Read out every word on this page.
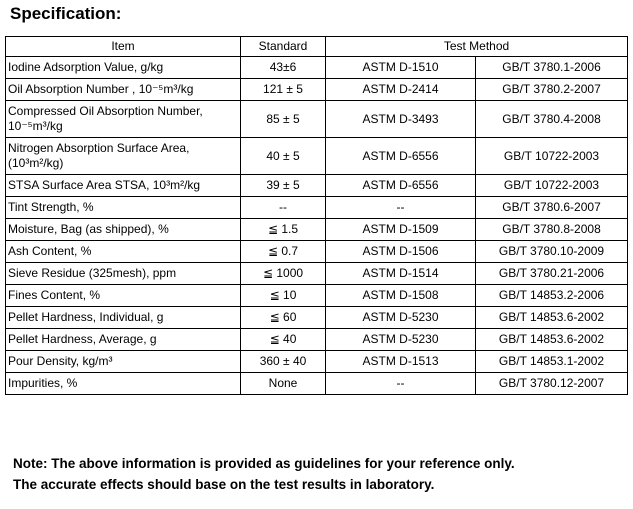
Specification:
Item	Standard	Test Method	
Iodine Adsorption Value, g/kg	43±6	ASTM D-1510	GB/T 3780.1-2006
Oil Absorption Number , 10⁻⁵m³/kg	121 ± 5	ASTM D-2414	GB/T 3780.2-2007
Compressed Oil Absorption Number, 10⁻⁵m³/kg	85 ± 5	ASTM D-3493	GB/T 3780.4-2008
Nitrogen Absorption Surface Area,(10³m²/kg)	40 ± 5	ASTM D-6556	GB/T 10722-2003
STSA Surface Area STSA, 10³m²/kg	39 ± 5	ASTM D-6556	GB/T 10722-2003
Tint Strength, %	--	--	GB/T 3780.6-2007
Moisture, Bag (as shipped), %	≦ 1.5	ASTM D-1509	GB/T 3780.8-2008
Ash Content, %	≦ 0.7	ASTM D-1506	GB/T 3780.10-2009
Sieve Residue (325mesh), ppm	≦ 1000	ASTM D-1514	GB/T 3780.21-2006
Fines Content, %	≦ 10	ASTM D-1508	GB/T 14853.2-2006
Pellet Hardness, Individual, g	≦ 60	ASTM D-5230	GB/T 14853.6-2002
Pellet Hardness, Average, g	≦ 40	ASTM D-5230	GB/T 14853.6-2002
Pour Density, kg/m³	360 ± 40	ASTM D-1513	GB/T 14853.1-2002
Impurities, %	None	--	GB/T 3780.12-2007
Note: The above information is provided as guidelines for your reference only.
The accurate effects should base on the test results in laboratory.
